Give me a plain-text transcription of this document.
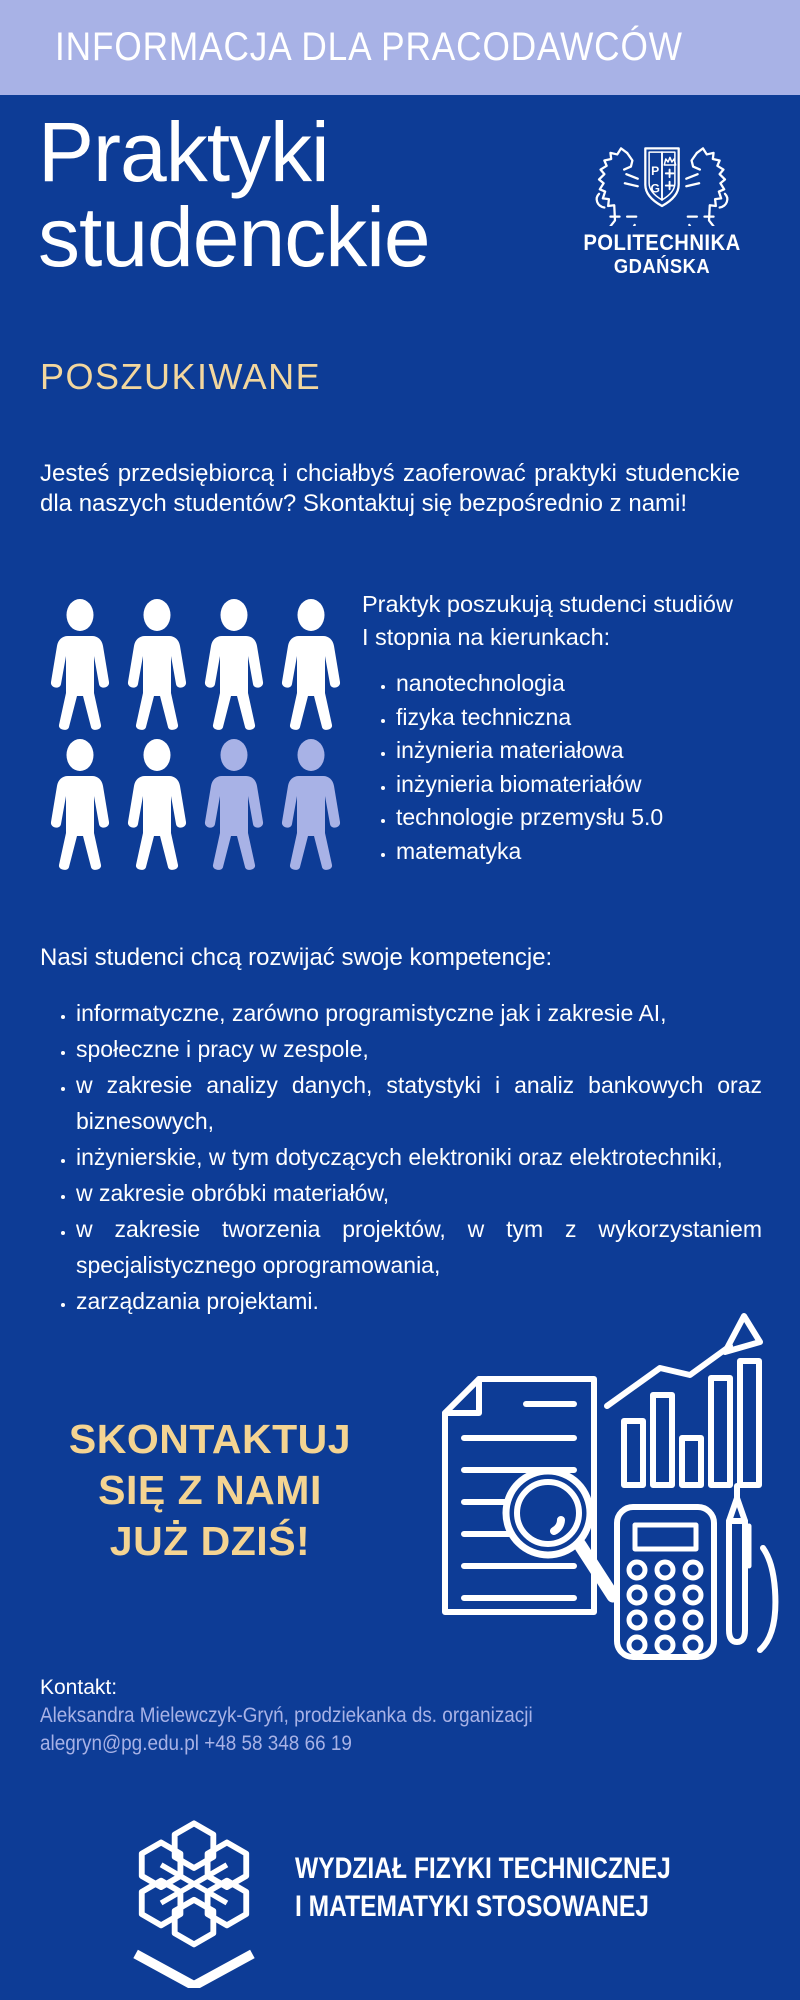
INFORMACJA DLA PRACODAWCÓW
Praktyki
studenckie
P
G
POLITECHNIKA
GDAŃSKA
POSZUKIWANE
Jesteś przedsiębiorcą i chciałbyś zaoferować praktyki studenckie dla naszych studentów? Skontaktuj się bezpośrednio z nami!
Praktyk poszukują studenci studiów
I stopnia na kierunkach:
• nanotechnologia
• fizyka techniczna
• inżynieria materiałowa
• inżynieria biomateriałów
• technologie przemysłu 5.0
• matematyka
Nasi studenci chcą rozwijać swoje kompetencje:
• informatyczne, zarówno programistyczne jak i zakresie AI,
• społeczne i pracy w zespole,
• w zakresie analizy danych, statystyki i analiz bankowych oraz biznesowych,
• inżynierskie, w tym dotyczących elektroniki oraz elektrotechniki,
• w zakresie obróbki materiałów,
• w zakresie tworzenia projektów, w tym z wykorzystaniem specjalistycznego oprogramowania,
• zarządzania projektami.
SKONTAKTUJ
SIĘ Z NAMI
JUŻ DZIŚ!
Kontakt:
Aleksandra Mielewczyk-Gryń, prodziekanka ds. organizacji
alegryn@pg.edu.pl +48 58 348 66 19
WYDZIAŁ FIZYKI TECHNICZNEJ
I MATEMATYKI STOSOWANEJ
